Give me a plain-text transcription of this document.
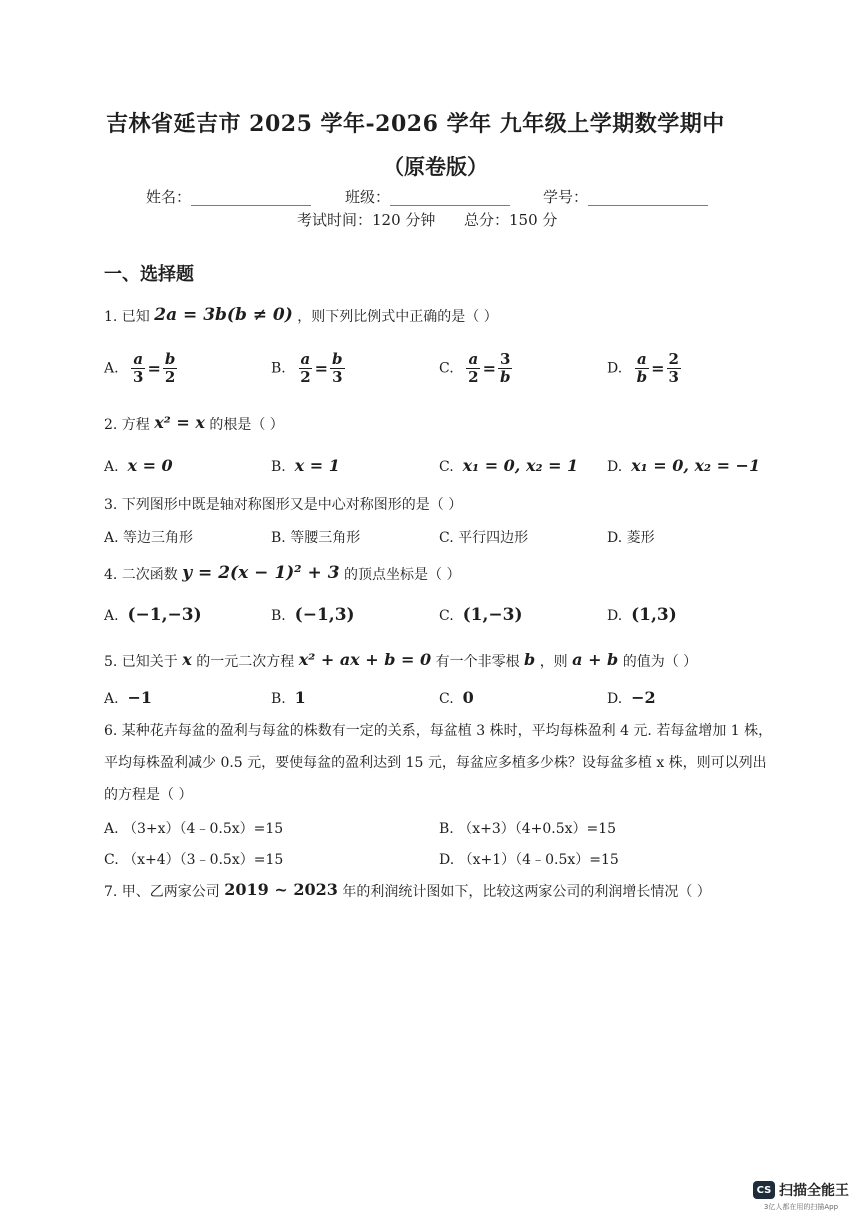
吉林省延吉市 2025 学年-2026 学年 九年级上学期数学期中
（原卷版）
姓名：________________ 班级：________________ 学号：________________
考试时间：120 分钟      总分：150 分
一、选择题
1. 已知 2a = 3b(b ≠ 0) ，则下列比例式中正确的是（ ）
A. $\frac{a}{3} = \frac{b}{2}$	B. $\frac{a}{2} = \frac{b}{3}$	C. $\frac{a}{2} = \frac{3}{b}$	D. $\frac{a}{b} = \frac{2}{3}$
2. 方程 x² = x 的根是（ ）
A. x = 0	B. x = 1	C. x₁ = 0, x₂ = 1 D. x₁ = 0, x₂ = −1
3. 下列图形中既是轴对称图形又是中心对称图形的是（ ）
A. 等边三角形	B. 等腰三角形	C. 平行四边形	D. 菱形
4. 二次函数 y = 2(x − 1)² + 3 的顶点坐标是（ ）
A. (−1,−3)	B. (−1,3)	C. (1,−3)	D. (1,3)
5. 已知关于 x 的一元二次方程 x² + ax + b = 0 有一个非零根 b ，则 a + b 的值为（ ）
A. −1	B. 1	C. 0	D. −2
6. 某种花卉每盆的盈利与每盆的株数有一定的关系，每盆植 3 株时，平均每株盈利 4 元. 若每盆增加 1 株，
平均每株盈利减少 0.5 元，要使每盆的盈利达到 15 元，每盆应多植多少株？设每盆多植 x 株，则可以列出
的方程是（ ）
A. （3+x）（4﹣0.5x）=15	B. （x+3）（4+0.5x）=15
C. （x+4）（3﹣0.5x）=15	D. （x+1）（4﹣0.5x）=15
7. 甲、乙两家公司 2019 ~ 2023 年的利润统计图如下，比较这两家公司的利润增长情况（ ）
CS 扫描全能王
3亿人都在用的扫描App
